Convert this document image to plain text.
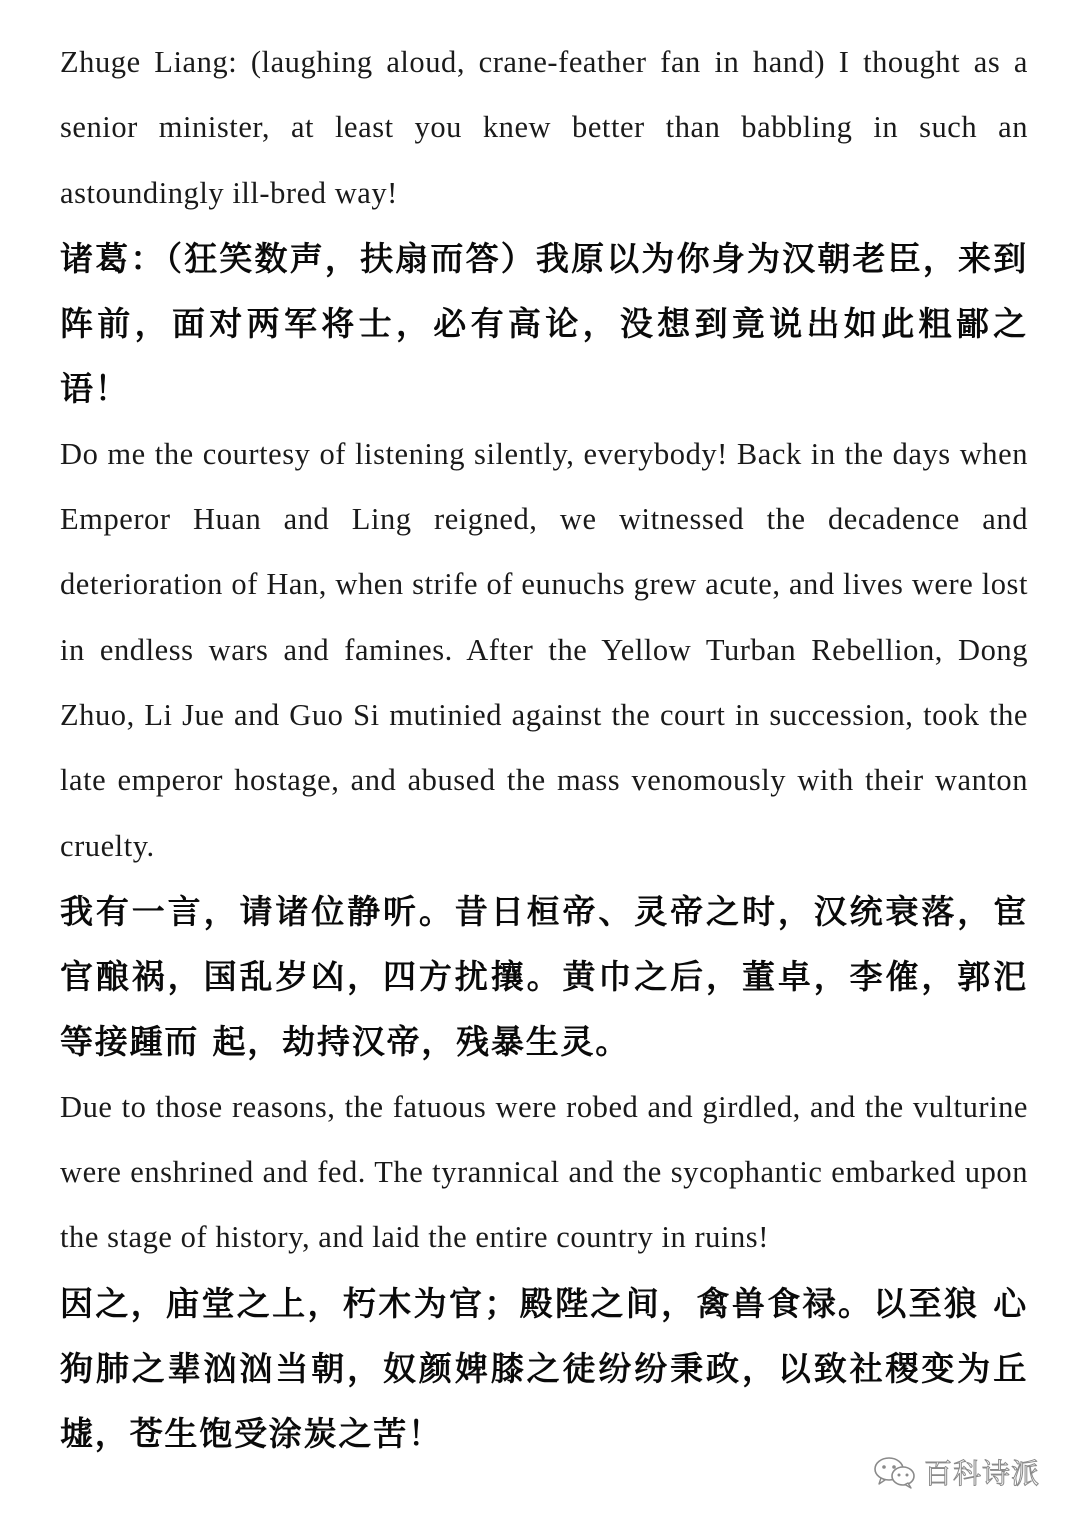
Zhuge Liang: (laughing aloud, crane-feather fan in hand) I thought as a senior minister, at least you knew better than babbling in such an astoundingly ill-bred way!

诸葛：（狂笑数声，扶扇而答）我原以为你身为汉朝老臣，来到阵前，面对两军将士，必有高论，没想到竟说出如此粗鄙之语！

Do me the courtesy of listening silently, everybody! Back in the days when Emperor Huan and Ling reigned, we witnessed the decadence and deterioration of Han, when strife of eunuchs grew acute, and lives were lost in endless wars and famines. After the Yellow Turban Rebellion, Dong Zhuo, Li Jue and Guo Si mutinied against the court in succession, took the late emperor hostage, and abused the mass venomously with their wanton cruelty.

我有一言，请诸位静听。昔日桓帝、灵帝之时，汉统衰落，宦官酿祸，国乱岁凶，四方扰攘。黄巾之后，董卓，李傕，郭汜等接踵而 起，劫持汉帝，残暴生灵。

Due to those reasons, the fatuous were robed and girdled, and the vulturine were enshrined and fed. The tyrannical and the sycophantic embarked upon the stage of history, and laid the entire country in ruins!

因之，庙堂之上，朽木为官；殿陛之间，禽兽食禄。以至狼 心狗肺之辈汹汹当朝，奴颜婢膝之徒纷纷秉政，以致社稷变为丘墟，苍生饱受涂炭之苦！

百科诗派
